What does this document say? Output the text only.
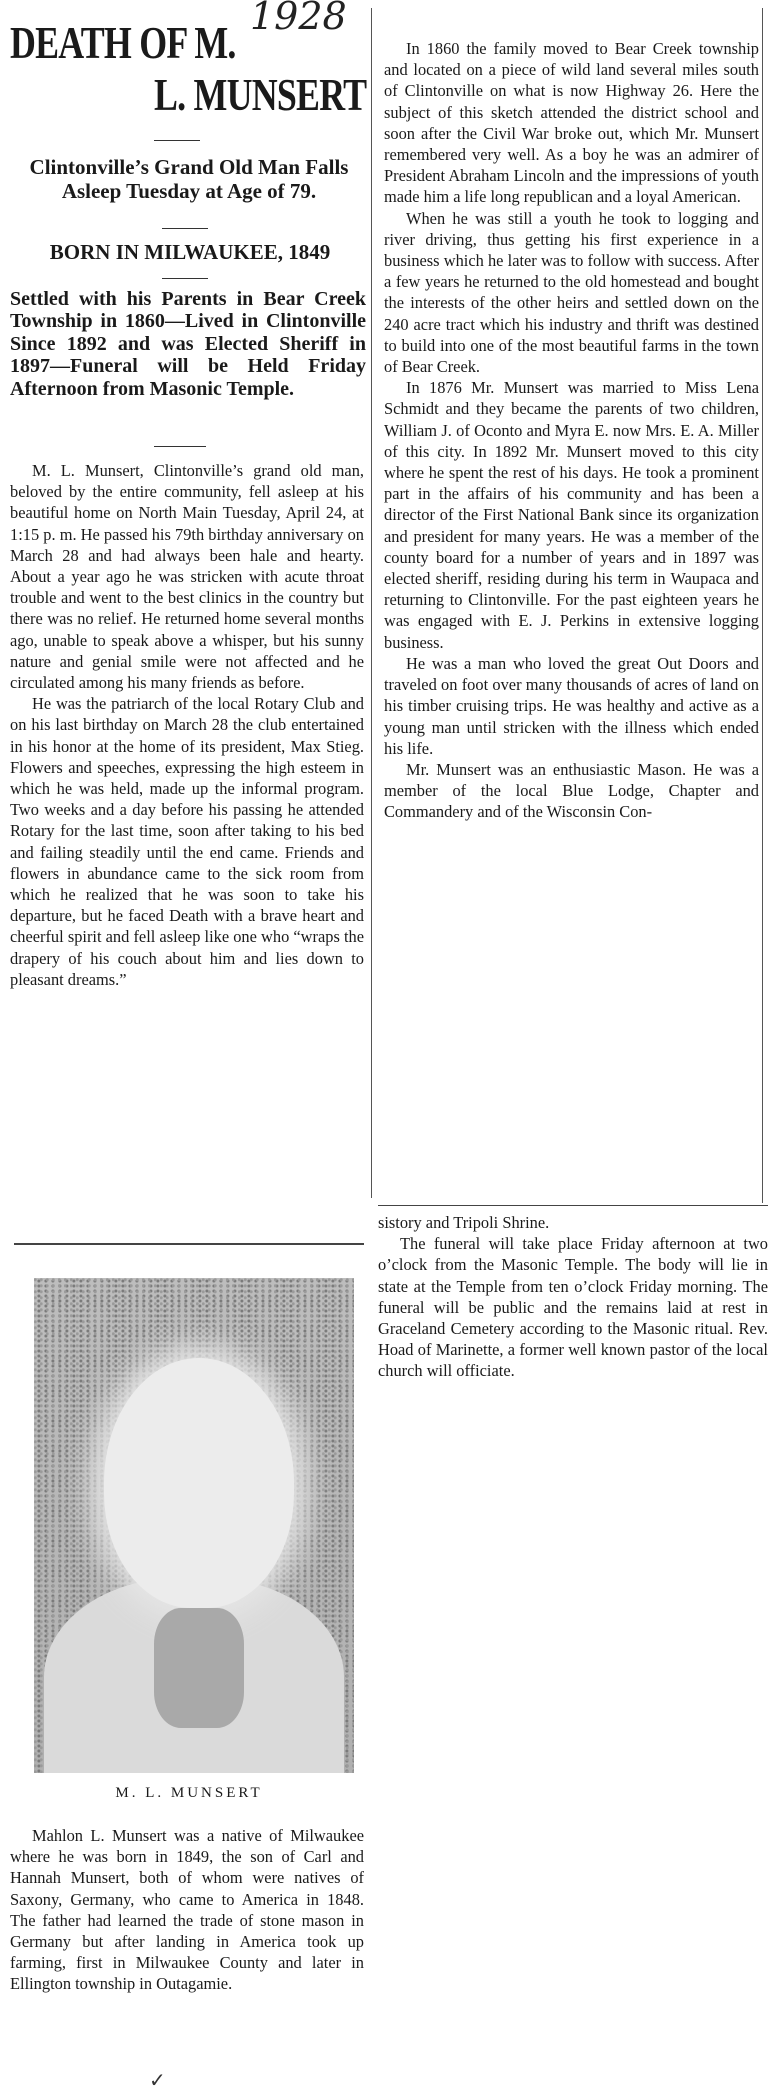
DEATH OF M.
L. MUNSERT
Clintonville’s Grand Old Man Falls Asleep Tuesday at Age of 79.
BORN IN MILWAUKEE, 1849
Settled with his Parents in Bear Creek Township in 1860—Lived in Clintonville Since 1892 and was Elected Sheriff in 1897—Funeral will be Held Friday Afternoon from Masonic Temple.

M. L. Munsert, Clintonville’s grand old man, beloved by the entire community, fell asleep at his beautiful home on North Main Tuesday, April 24, at 1:15 p. m. He passed his 79th birthday anniversary on March 28 and had always been hale and hearty. About a year ago he was stricken with acute throat trouble and went to the best clinics in the country but there was no relief. He returned home several months ago, unable to speak above a whisper, but his sunny nature and genial smile were not affected and he circulated among his many friends as before.

He was the patriarch of the local Rotary Club and on his last birthday on March 28 the club entertained in his honor at the home of its president, Max Stieg. Flowers and speeches, expressing the high esteem in which he was held, made up the informal program. Two weeks and a day before his passing he attended Rotary for the last time, soon after taking to his bed and failing steadily until the end came. Friends and flowers in abundance came to the sick room from which he realized that he was soon to take his departure, but he faced Death with a brave heart and cheerful spirit and fell asleep like one who “wraps the drapery of his couch about him and lies down to pleasant dreams.”

M. L. MUNSERT

Mahlon L. Munsert was a native of Milwaukee where he was born in 1849, the son of Carl and Hannah Munsert, both of whom were natives of Saxony, Germany, who came to America in 1848. The father had learned the trade of stone mason in Germany but after landing in America took up farming, first in Milwaukee County and later in Ellington township in Outagamie.

✓

In 1860 the family moved to Bear Creek township and located on a piece of wild land several miles south of Clintonville on what is now Highway 26. Here the subject of this sketch attended the district school and soon after the Civil War broke out, which Mr. Munsert remembered very well. As a boy he was an admirer of President Abraham Lincoln and the impressions of youth made him a life long republican and a loyal American.

When he was still a youth he took to logging and river driving, thus getting his first experience in a business which he later was to follow with success. After a few years he returned to the old homestead and bought the interests of the other heirs and settled down on the 240 acre tract which his industry and thrift was destined to build into one of the most beautiful farms in the town of Bear Creek.

In 1876 Mr. Munsert was married to Miss Lena Schmidt and they became the parents of two children, William J. of Oconto and Myra E. now Mrs. E. A. Miller of this city. In 1892 Mr. Munsert moved to this city where he spent the rest of his days. He took a prominent part in the affairs of his community and has been a director of the First National Bank since its organization and president for many years. He was a member of the county board for a number of years and in 1897 was elected sheriff, residing during his term in Waupaca and returning to Clintonville. For the past eighteen years he was engaged with E. J. Perkins in extensive logging business.

He was a man who loved the great Out Doors and traveled on foot over many thousands of acres of land on his timber cruising trips. He was healthy and active as a young man until stricken with the illness which ended his life.

Mr. Munsert was an enthusiastic Mason. He was a member of the local Blue Lodge, Chapter and Commandery and of the Wisconsin Con-

sistory and Tripoli Shrine.

The funeral will take place Friday afternoon at two o’clock from the Masonic Temple. The body will lie in state at the Temple from ten o’clock Friday morning. The funeral will be public and the remains laid at rest in Graceland Cemetery according to the Masonic ritual. Rev. Hoad of Marinette, a former well known pastor of the local church will officiate.

1928
